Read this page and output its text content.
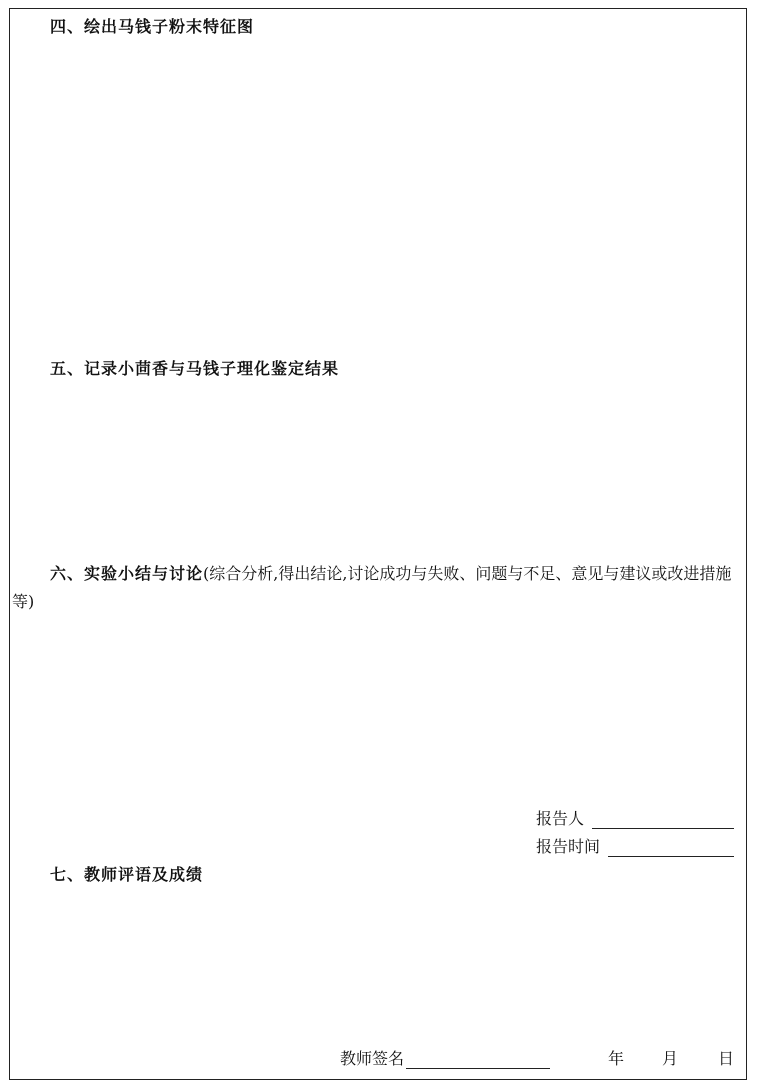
四、绘出马钱子粉末特征图
五、记录小茴香与马钱子理化鉴定结果
六、实验小结与讨论(综合分析,得出结论,讨论成功与失败、问题与不足、意见与建议或改进措施等)
报告人
报告时间
七、教师评语及成绩
教师签名	年 月	日
